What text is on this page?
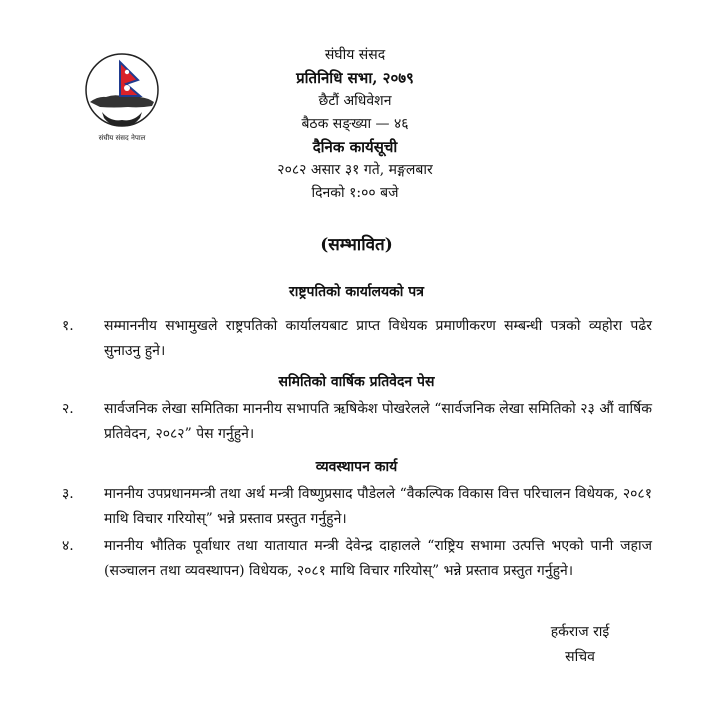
संघीय संसद नेपाल
संघीय संसद
प्रतिनिधि सभा, २०७९
छैटौं अधिवेशन
बैठक सङ्ख्या — ४६
दैनिक कार्यसूची
२०८२ असार ३१ गते, मङ्गलबार
दिनको १:०० बजे
(सम्भावित)
राष्ट्रपतिको कार्यालयको पत्र
१.	सम्माननीय सभामुखले राष्ट्रपतिको कार्यालयबाट प्राप्त विधेयक प्रमाणीकरण सम्बन्धी पत्रको व्यहोरा पढेर सुनाउनु हुने।
समितिको वार्षिक प्रतिवेदन पेस
२.	सार्वजनिक लेखा समितिका माननीय सभापति ऋषिकेश पोखरेलले “सार्वजनिक लेखा समितिको २३ औं वार्षिक प्रतिवेदन, २०८२” पेस गर्नुहुने।
व्यवस्थापन कार्य
३.	माननीय उपप्रधानमन्त्री तथा अर्थ मन्त्री विष्णुप्रसाद पौडेलले “वैकल्पिक विकास वित्त परिचालन विधेयक, २०८१ माथि विचार गरियोस्” भन्ने प्रस्ताव प्रस्तुत गर्नुहुने।
४.	माननीय भौतिक पूर्वाधार तथा यातायात मन्त्री देवेन्द्र दाहालले “राष्ट्रिय सभामा उत्पत्ति भएको पानी जहाज (सञ्चालन तथा व्यवस्थापन) विधेयक, २०८१ माथि विचार गरियोस्” भन्ने प्रस्ताव प्रस्तुत गर्नुहुने।
हर्कराज राई
सचिव
